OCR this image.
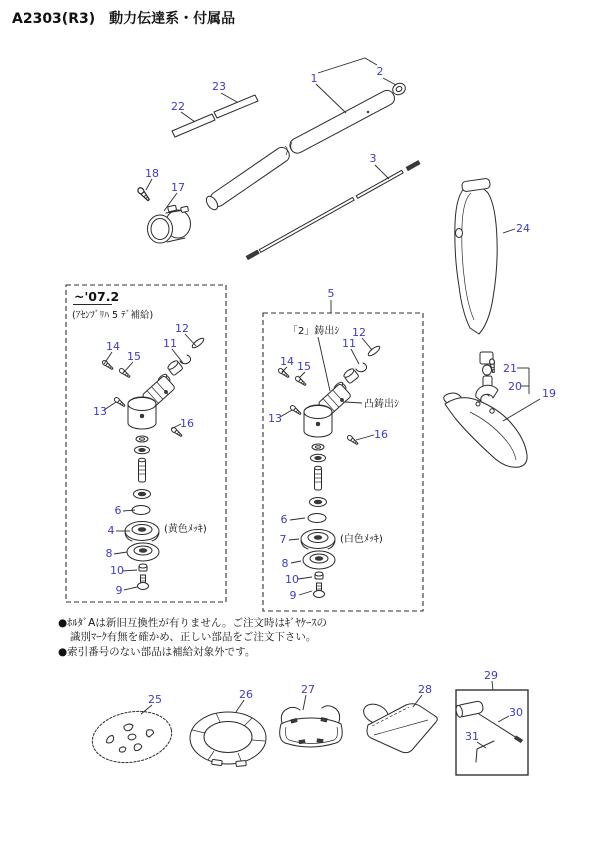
A2303(R3)　動力伝達系・付属品
~'07.2
(ｱｾﾝﾌﾞﾘﾊ 5 ﾃﾞ補給)
(黄色ﾒｯｷ)
「2」鋳出ｼ
凸鋳出ｼ
(白色ﾒｯｷ)
1
2
3
22
23
18
17
24
5
12
11
14
15
13
16
6
4
8
10
9
12
11
14 15
13
16
6
7
8
10
9
21
20
19
25	26	27	28
29
30
31
●ﾎﾙﾀﾞAは新旧互換性が有りません。ご注文時はｷﾞﾔｹｰｽの
識別ﾏｰｸ有無を確かめ、正しい部品をご注文下さい。
●索引番号のない部品は補給対象外です。
